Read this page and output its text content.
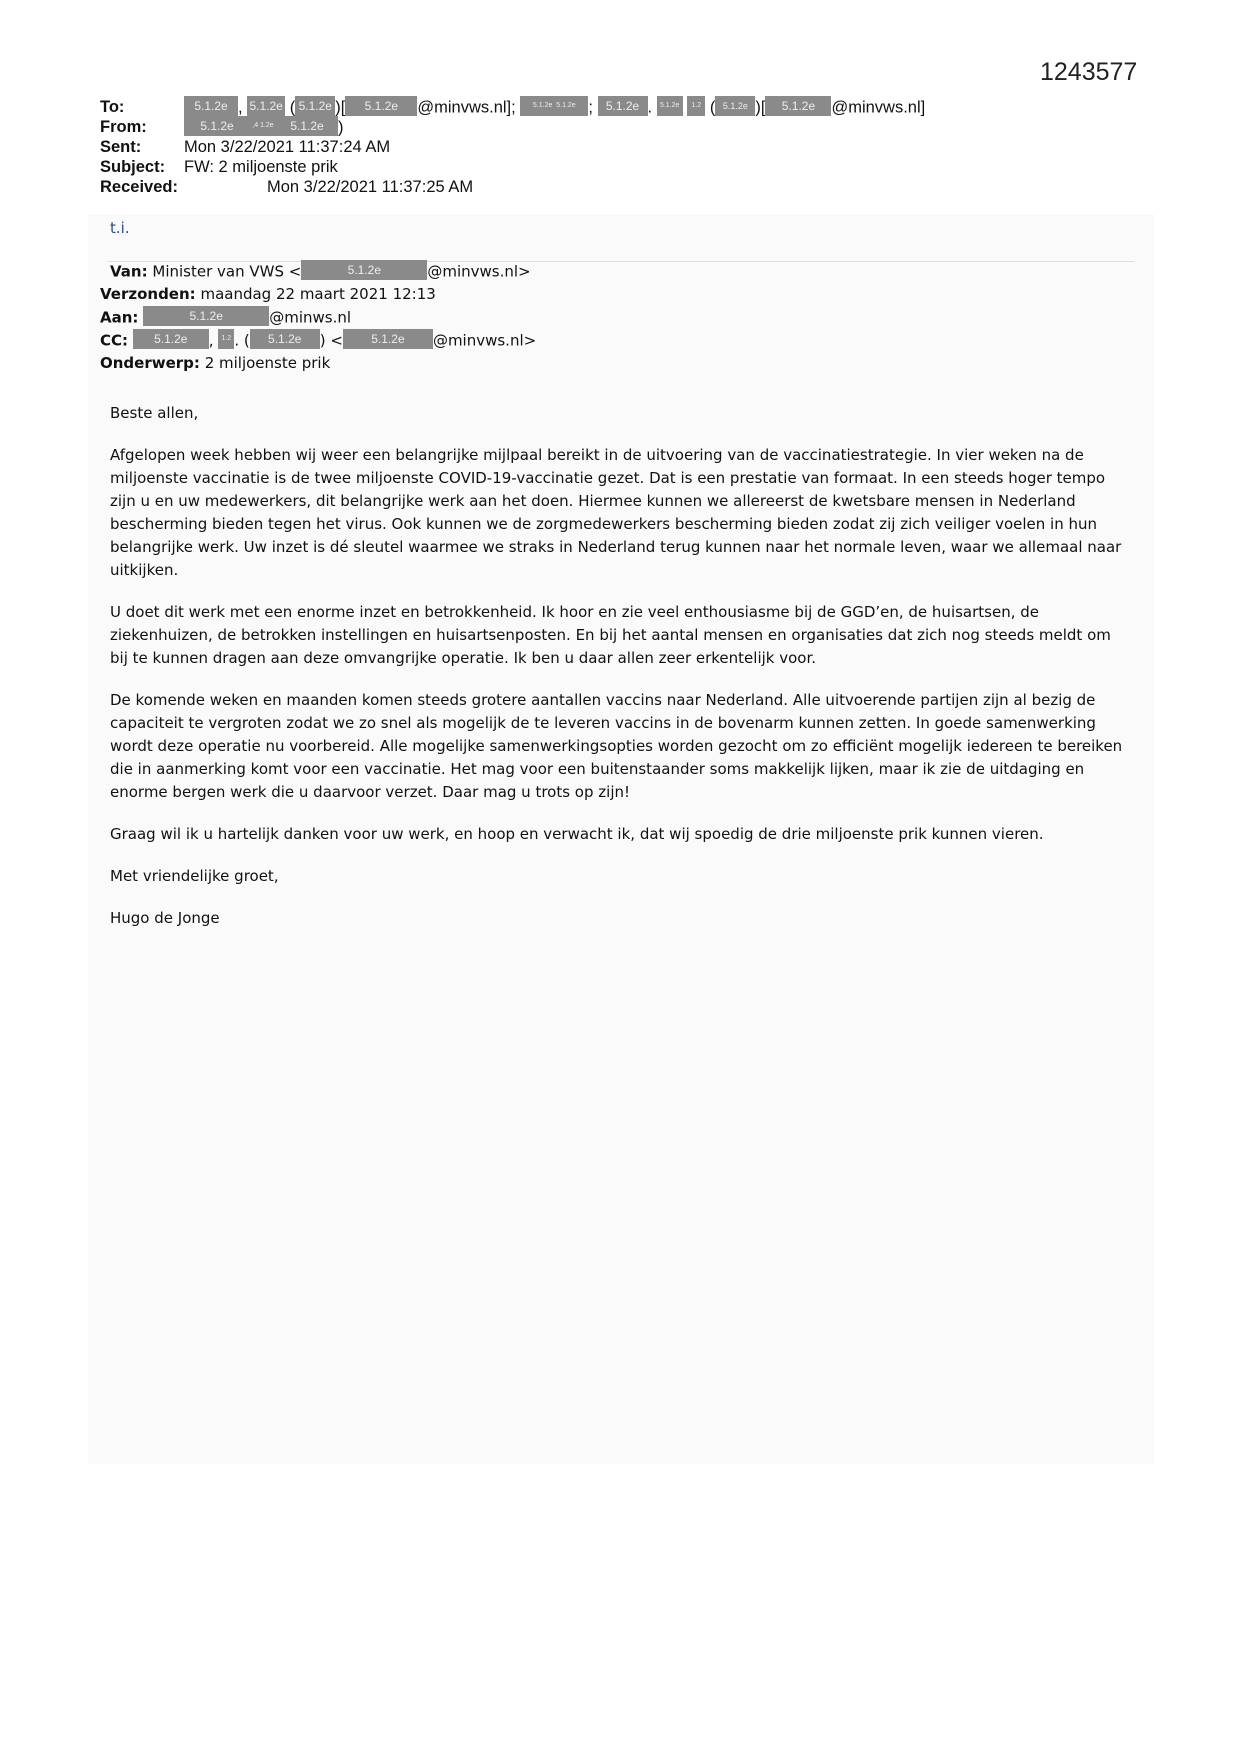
1243577
To:	5.1.2e , 5.1.2e ( 5.1.2e )[ 5.1.2e @minvws.nl]; 5.1.2e  5.1.2e ; 5.1.2e . 5.1.2e 1.2 ( 5.1.2e )[ 5.1.2e @minvws.nl]
From:	5.1.2e	,4 1.2e 5.1.2e )
Sent:	Mon 3/22/2021 11:37:24 AM
Subject: FW: 2 miljoenste prik
Received:	Mon 3/22/2021 11:37:25 AM
t.i.
Van: Minister van VWS <	5.1.2e	@minvws.nl>
Verzonden: maandag 22 maart 2021 12:13
Aan:	5.1.2e	@minws.nl
CC: 5.1.2e , 1.2 . ( 5.1.2e ) < 5.1.2e @minvws.nl>
Onderwerp: 2 miljoenste prik

Beste allen,

Afgelopen week hebben wij weer een belangrijke mijlpaal bereikt in de uitvoering van de vaccinatiestrategie. In vier weken na de miljoenste vaccinatie is de twee miljoenste COVID-19-vaccinatie gezet. Dat is een prestatie van formaat. In een steeds hoger tempo zijn u en uw medewerkers, dit belangrijke werk aan het doen. Hiermee kunnen we allereerst de kwetsbare mensen in Nederland bescherming bieden tegen het virus. Ook kunnen we de zorgmedewerkers bescherming bieden zodat zij zich veiliger voelen in hun belangrijke werk. Uw inzet is dé sleutel waarmee we straks in Nederland terug kunnen naar het normale leven, waar we allemaal naar uitkijken.

U doet dit werk met een enorme inzet en betrokkenheid. Ik hoor en zie veel enthousiasme bij de GGD’en, de huisartsen, de ziekenhuizen, de betrokken instellingen en huisartsenposten. En bij het aantal mensen en organisaties dat zich nog steeds meldt om bij te kunnen dragen aan deze omvangrijke operatie. Ik ben u daar allen zeer erkentelijk voor.

De komende weken en maanden komen steeds grotere aantallen vaccins naar Nederland. Alle uitvoerende partijen zijn al bezig de capaciteit te vergroten zodat we zo snel als mogelijk de te leveren vaccins in de bovenarm kunnen zetten. In goede samenwerking wordt deze operatie nu voorbereid. Alle mogelijke samenwerkingsopties worden gezocht om zo efficiënt mogelijk iedereen te bereiken die in aanmerking komt voor een vaccinatie. Het mag voor een buitenstaander soms makkelijk lijken, maar ik zie de uitdaging en enorme bergen werk die u daarvoor verzet. Daar mag u trots op zijn!

Graag wil ik u hartelijk danken voor uw werk, en hoop en verwacht ik, dat wij spoedig de drie miljoenste prik kunnen vieren.

Met vriendelijke groet,

Hugo de Jonge
